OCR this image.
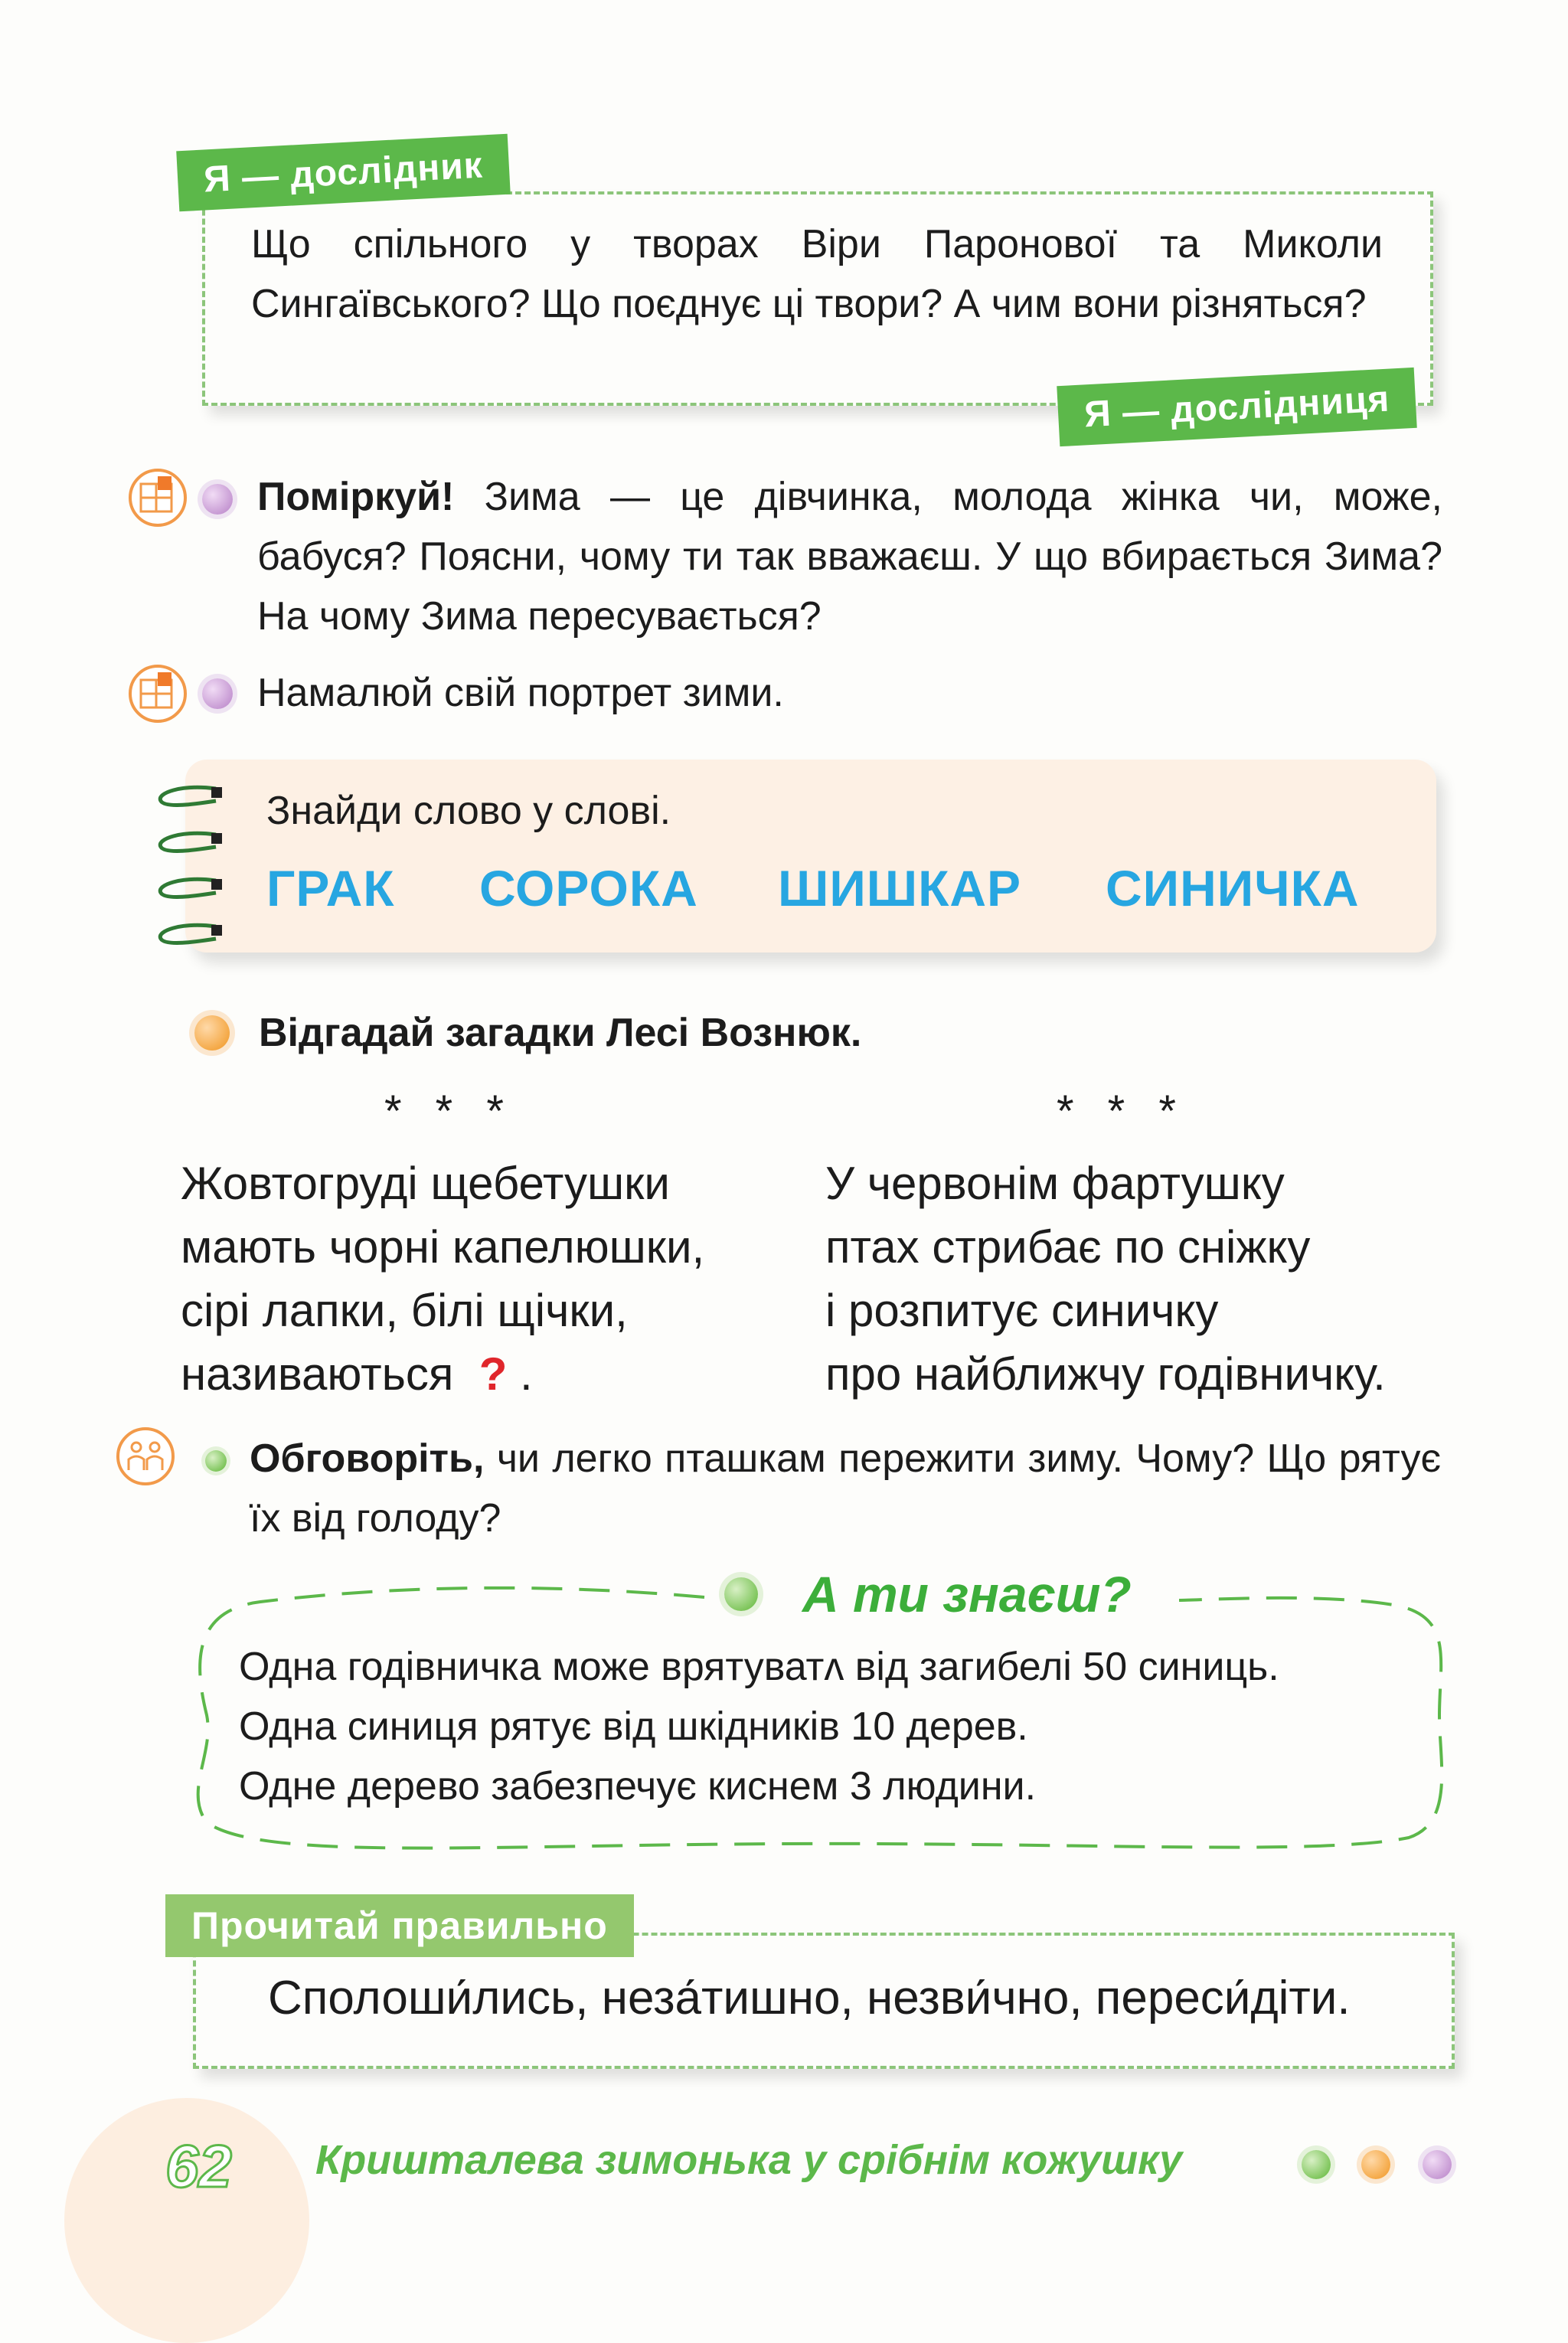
Я — дослідник
Що спільного у творах Віри Паронової та Миколи Сингаївського? Що поєднує ці твори? А чим вони різняться?
Я — дослідниця
Поміркуй! Зима — це дівчинка, молода жінка чи, може, бабуся? Поясни, чому ти так вважаєш. У що вбирається Зима? На чому Зима пересувається?
Намалюй свій портрет зими.
Знайди слово у слові.
ГРАК СОРОКА ШИШКАР СИНИЧКА
Відгадай загадки Лесі Вознюк.
* * *
Жовтогруді щебетушки
мають чорні капелюшки,
сірі лапки, білі щічки,
називаються ? .
* * *
У червонім фартушку
птах стрибає по сніжку
і розпитує синичку
про найближчу годівничку.
Обговоріть, чи легко пташкам пережити зиму. Чому? Що рятує їх від голоду?
А ти знаєш?
Одна годівничка може врятуватʌ від загибелі 50 синиць.
Одна синиця рятує від шкідників 10 дерев.
Одне дерево забезпечує киснем 3 людини.
Прочитай правильно
Сполоши́лись, неза́тишно, незви́чно, переси́діти.
62 Кришталева зимонька у срібнім кожушку
